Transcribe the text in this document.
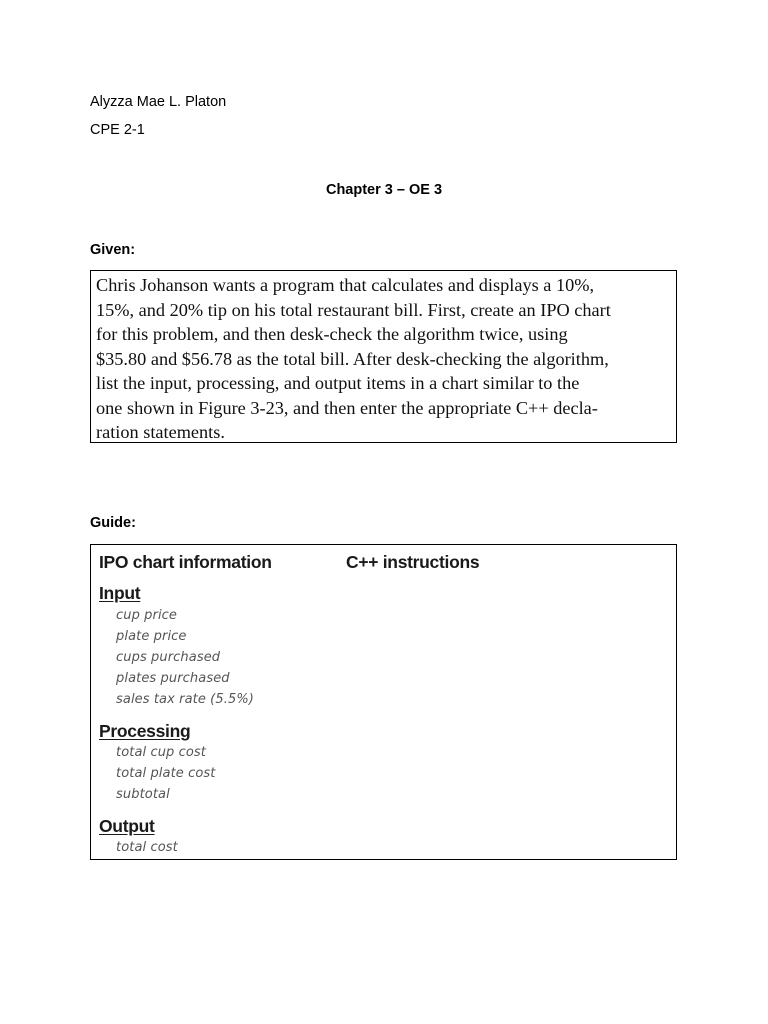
Alyzza Mae L. Platon
CPE 2-1
Chapter 3 – OE 3
Given:
Chris Johanson wants a program that calculates and displays a 10%,
15%, and 20% tip on his total restaurant bill. First, create an IPO chart
for this problem, and then desk-check the algorithm twice, using
$35.80 and $56.78 as the total bill. After desk-checking the algorithm,
list the input, processing, and output items in a chart similar to the
one shown in Figure 3-23, and then enter the appropriate C++ decla-
ration statements.
Guide:
IPO chart information	C++ instructions
Input
cup price
plate price
cups purchased
plates purchased
sales tax rate (5.5%)
Processing
total cup cost
total plate cost
subtotal
Output
total cost
